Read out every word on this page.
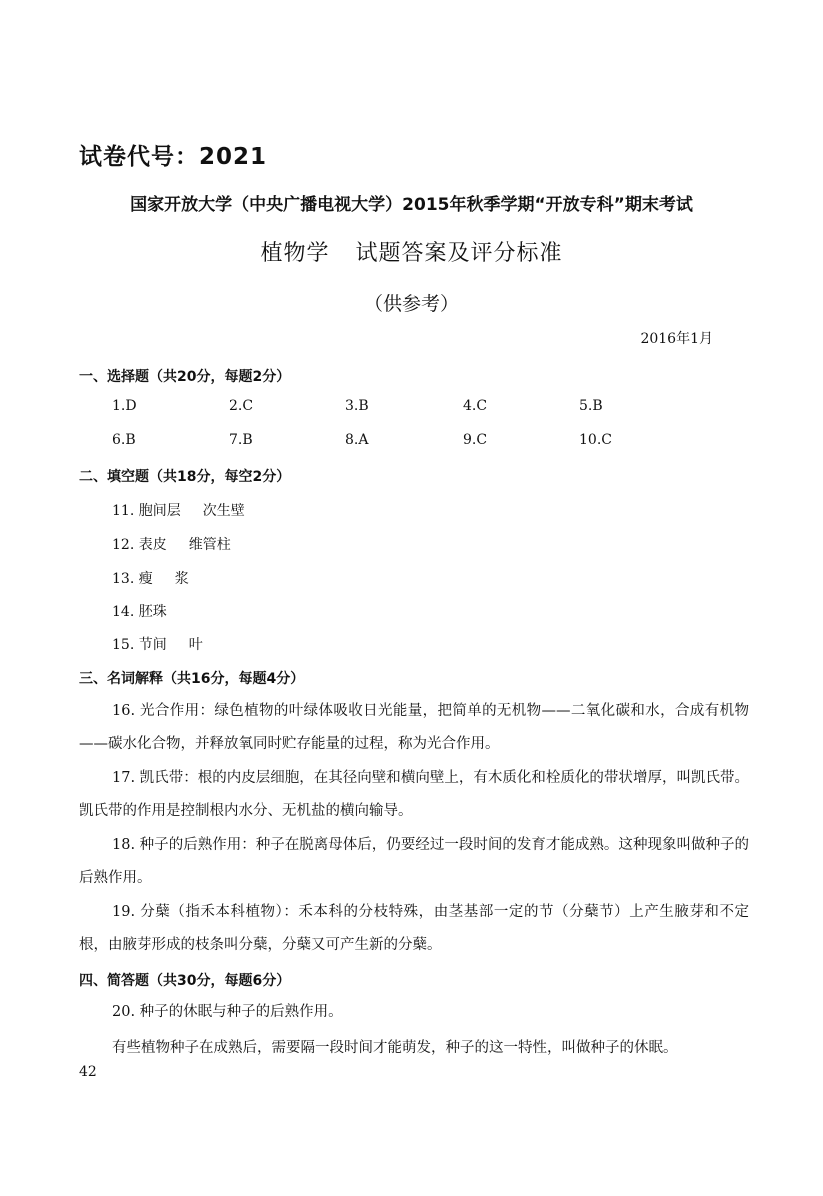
试卷代号：2021
国家开放大学（中央广播电视大学）2015年秋季学期“开放专科”期末考试
植物学 试题答案及评分标准
（供参考）
2016年1月
一、选择题（共20分，每题2分）
1.D	2.C	3.B	4.C	5.B
6.B	7.B	8.A	9.C	10.C
二、填空题（共18分，每空2分）
11. 胞间层 次生壁
12. 表皮 维管柱
13. 瘦 浆
14. 胚珠
15. 节间 叶
三、名词解释（共16分，每题4分）
16. 光合作用：绿色植物的叶绿体吸收日光能量，把简单的无机物——二氧化碳和水，合成有机物——碳水化合物，并释放氧同时贮存能量的过程，称为光合作用。
17. 凯氏带：根的内皮层细胞，在其径向壁和横向壁上，有木质化和栓质化的带状增厚，叫凯氏带。凯氏带的作用是控制根内水分、无机盐的横向输导。
18. 种子的后熟作用：种子在脱离母体后，仍要经过一段时间的发育才能成熟。这种现象叫做种子的后熟作用。
19. 分蘖（指禾本科植物）：禾本科的分枝特殊，由茎基部一定的节（分蘖节）上产生腋芽和不定根，由腋芽形成的枝条叫分蘖，分蘖又可产生新的分蘖。
四、简答题（共30分，每题6分）
20. 种子的休眠与种子的后熟作用。
有些植物种子在成熟后，需要隔一段时间才能萌发，种子的这一特性，叫做种子的休眠。
42
